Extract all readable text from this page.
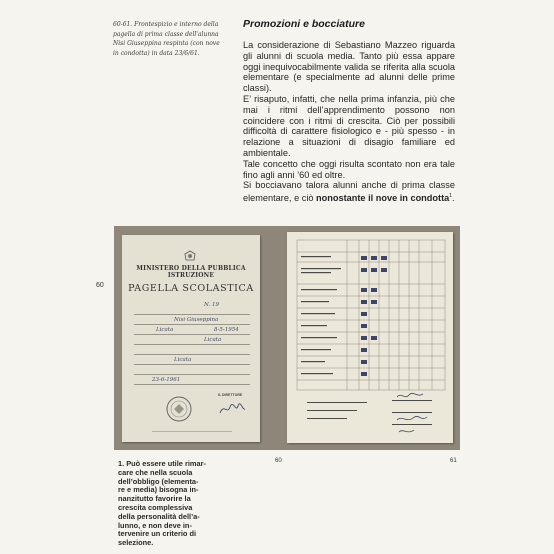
60-61. Frontespizio e interno della

pagella di prima classe dell'alunna

Nisi Giuseppina respinta (con nove

in condotta) in data 23/6/61.

Promozioni e bocciature

La considerazione di Sebastiano Mazzeo riguarda gli alunni di scuola media. Tanto più essa appare oggi inequivocabilmente valida se riferita alla scuola elementare (e specialmente ad alunni delle prime classi).

E’ risaputo, infatti, che nella prima infanzia, più che mai i ritmi dell’apprendimento possono non coincidere con i ritmi di crescita. Ciò per possibili difficoltà di carattere fisiologico e - più spesso - in relazione a situazioni di disagio familiare ed ambientale.

Tale concetto che oggi risulta scontato non era tale fino agli anni ’60 ed oltre.

Si bocciavano talora alunni anche di prima classe elementare, e ciò nonostante il nove in condotta$^1$.

60
MINISTERO DELLA PUBBLICA ISTRUZIONE
PAGELLA SCOLASTICA
N. 19
Nisi Giuseppina
Licata	8-5-1954
Licata
Licata
23-6-1961
IL DIRETTORE
60	61

1. Può essere utile rimar-

care che nella scuola

dell’obbligo (elementa-

re e media) bisogna in-

nanzitutto favorire la

crescita complessiva

della personalità dell’a-

lunno, e non deve in-

tervenire un criterio di

selezione.
